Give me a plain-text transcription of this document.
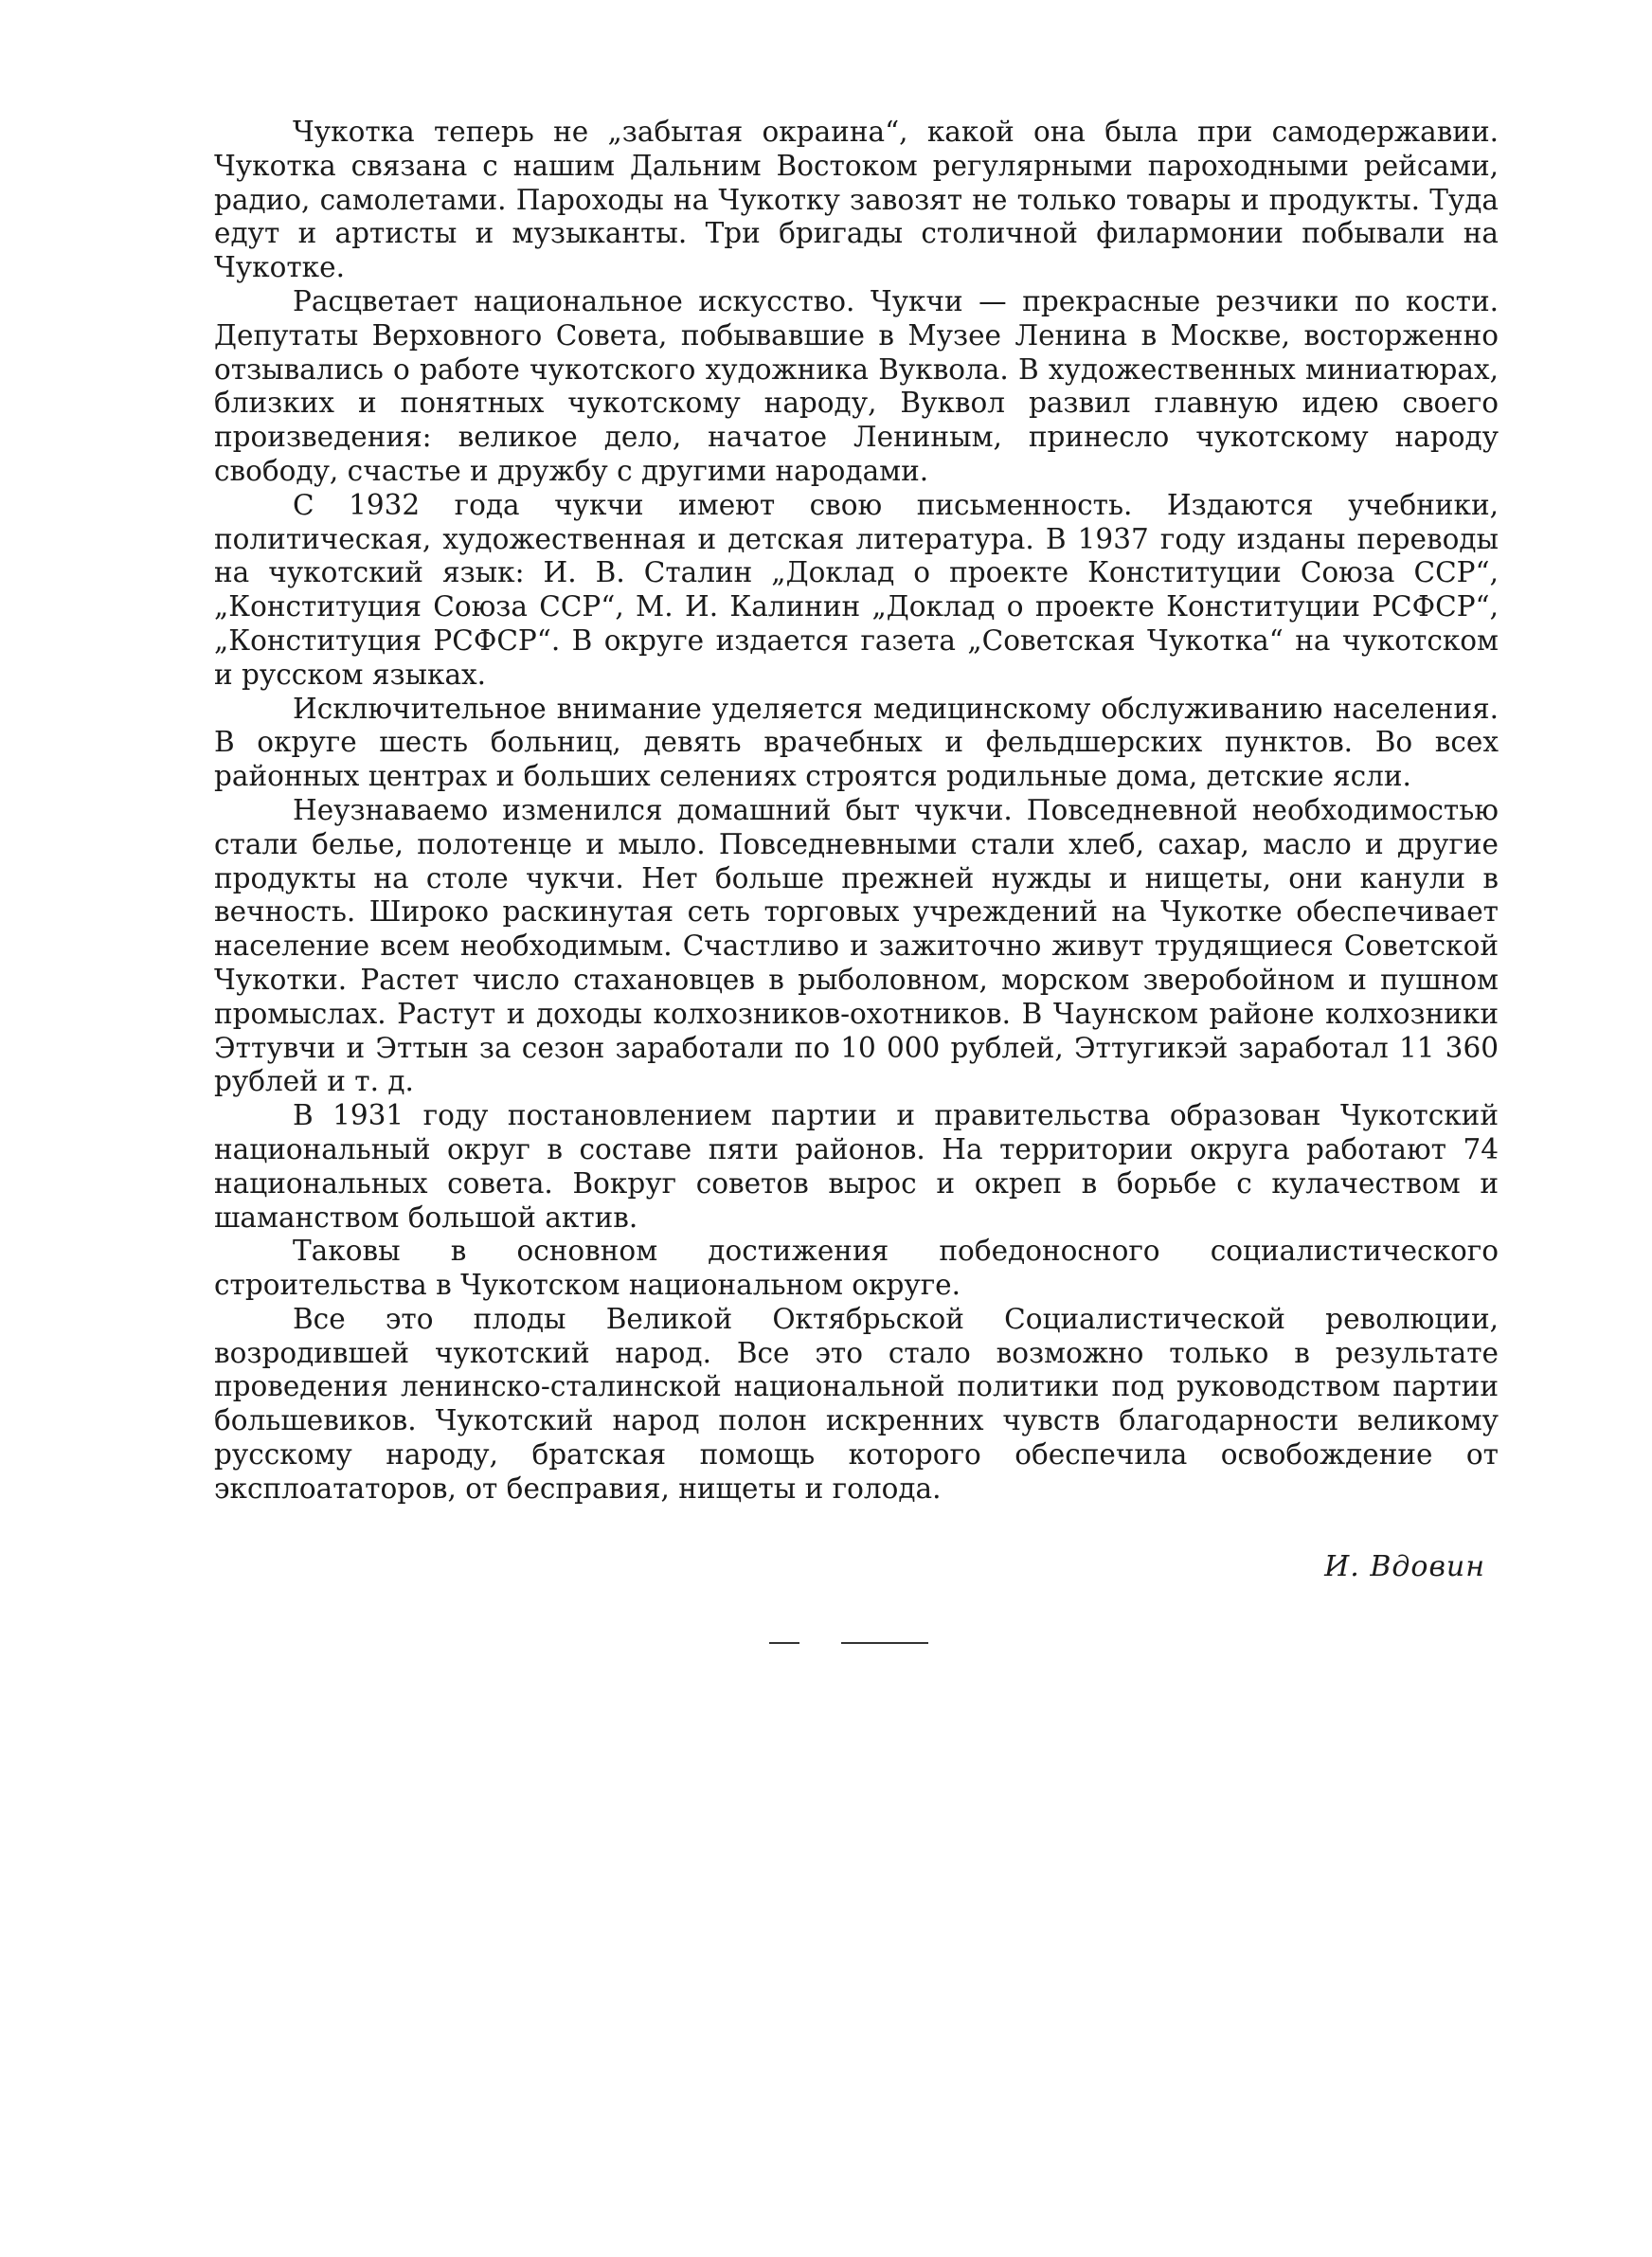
Чукотка теперь не „забытая окраина“, какой она была при самодержавии. Чукотка связана с нашим Дальним Востоком регулярными пароходными рейсами, радио, самолетами. Пароходы на Чукотку завозят не только товары и продукты. Туда едут и артисты и музыканты. Три бригады столичной филармонии побывали на Чукотке.

Расцветает национальное искусство. Чукчи — прекрасные резчики по кости. Депутаты Верховного Совета, побывавшие в Музее Ленина в Москве, восторженно отзывались о работе чукотского художника Вуквола. В художественных миниатюрах, близких и понятных чукотскому народу, Вуквол развил главную идею своего произведения: великое дело, начатое Лениным, принесло чукотскому народу свободу, счастье и дружбу с другими народами.

С 1932 года чукчи имеют свою письменность. Издаются учебники, политическая, художественная и детская литература. В 1937 году изданы переводы на чукотский язык: И. В. Сталин „Доклад о проекте Конституции Союза ССР“, „Конституция Союза ССР“, М. И. Калинин „Доклад о проекте Конституции РСФСР“, „Конституция РСФСР“. В округе издается газета „Советская Чукотка“ на чукотском и русском языках.

Исключительное внимание уделяется медицинскому обслуживанию населения. В округе шесть больниц, девять врачебных и фельдшерских пунктов. Во всех районных центрах и больших селениях строятся родильные дома, детские ясли.

Неузнаваемо изменился домашний быт чукчи. Повседневной необходимостью стали белье, полотенце и мыло. Повседневными стали хлеб, сахар, масло и другие продукты на столе чукчи. Нет больше прежней нужды и нищеты, они канули в вечность. Широко раскинутая сеть торговых учреждений на Чукотке обеспечивает население всем необходимым. Счастливо и зажиточно живут трудящиеся Советской Чукотки. Растет число стахановцев в рыболовном, морском зверобойном и пушном промыслах. Растут и доходы колхозников-охотников. В Чаунском районе колхозники Эттувчи и Эттын за сезон заработали по 10 000 рублей, Эттугикэй заработал 11 360 рублей и т. д.

В 1931 году постановлением партии и правительства образован Чукотский национальный округ в составе пяти районов. На территории округа работают 74 национальных совета. Вокруг советов вырос и окреп в борьбе с кулачеством и шаманством большой актив.

Таковы в основном достижения победоносного социалистического строительства в Чукотском национальном округе.

Все это плоды Великой Октябрьской Социалистической революции, возродившей чукотский народ. Все это стало возможно только в результате проведения ленинско-сталинской национальной политики под руководством партии большевиков. Чукотский народ полон искренних чувств благодарности великому русскому народу, братская помощь которого обеспечила освобождение от эксплоататоров, от бесправия, нищеты и голода.

И. Вдовин
